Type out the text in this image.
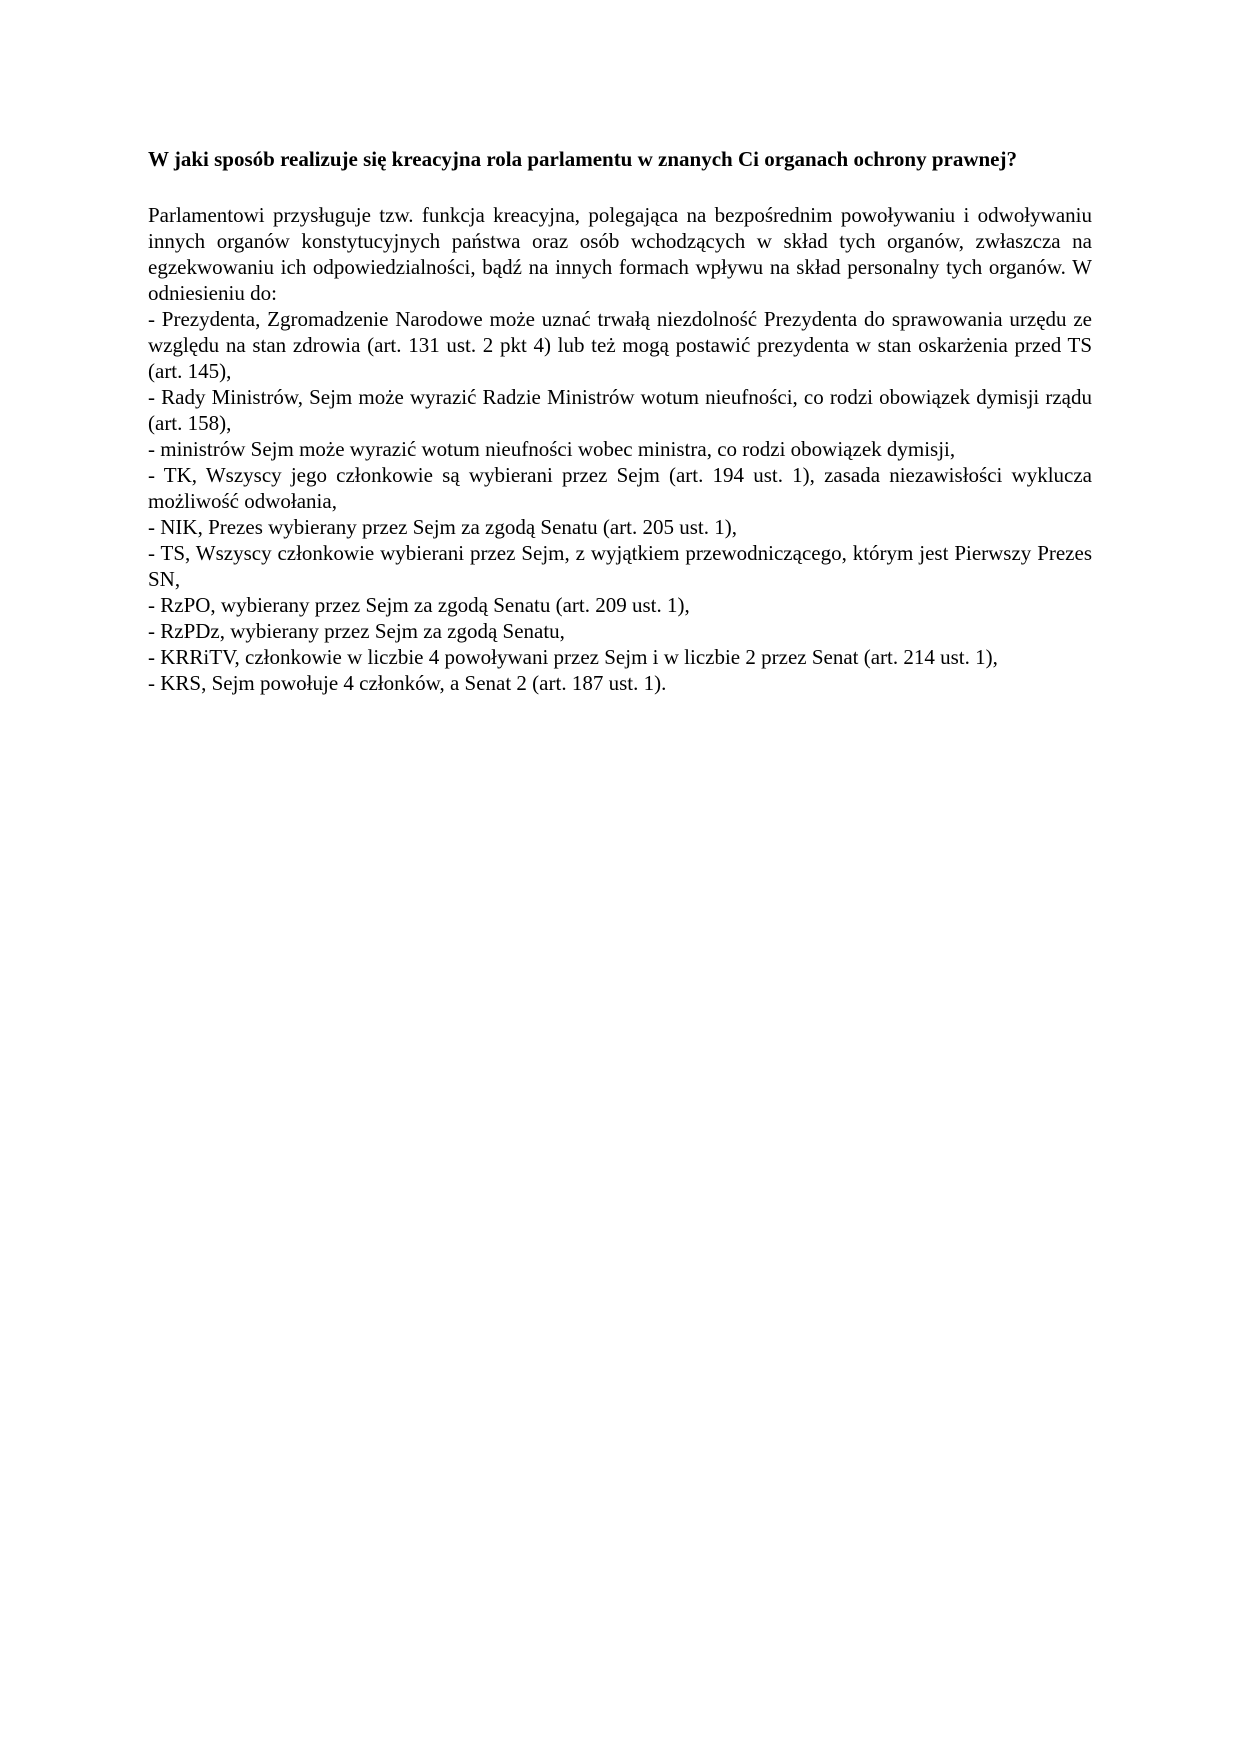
W jaki sposób realizuje się kreacyjna rola parlamentu w znanych Ci organach ochrony prawnej?

Parlamentowi przysługuje tzw. funkcja kreacyjna, polegająca na bezpośrednim powoływaniu i odwoływaniu innych organów konstytucyjnych państwa oraz osób wchodzących w skład tych organów, zwłaszcza na egzekwowaniu ich odpowiedzialności, bądź na innych formach wpływu na skład personalny tych organów. W odniesieniu do:

- Prezydenta, Zgromadzenie Narodowe może uznać trwałą niezdolność Prezydenta do sprawowania urzędu ze względu na stan zdrowia (art. 131 ust. 2 pkt 4) lub też mogą postawić prezydenta w stan oskarżenia przed TS (art. 145),
- Rady Ministrów, Sejm może wyrazić Radzie Ministrów wotum nieufności, co rodzi obowiązek dymisji rządu (art. 158),
- ministrów Sejm może wyrazić wotum nieufności wobec ministra, co rodzi obowiązek dymisji,
- TK, Wszyscy jego członkowie są wybierani przez Sejm (art. 194 ust. 1), zasada niezawisłości wyklucza możliwość odwołania,
- NIK, Prezes wybierany przez Sejm za zgodą Senatu (art. 205 ust. 1),
- TS, Wszyscy członkowie wybierani przez Sejm, z wyjątkiem przewodniczącego, którym jest Pierwszy Prezes SN,
- RzPO, wybierany przez Sejm za zgodą Senatu (art. 209 ust. 1),
- RzPDz, wybierany przez Sejm za zgodą Senatu,
- KRRiTV, członkowie w liczbie 4 powoływani przez Sejm i w liczbie 2 przez Senat (art. 214 ust. 1),
- KRS, Sejm powołuje 4 członków, a Senat 2 (art. 187 ust. 1).
